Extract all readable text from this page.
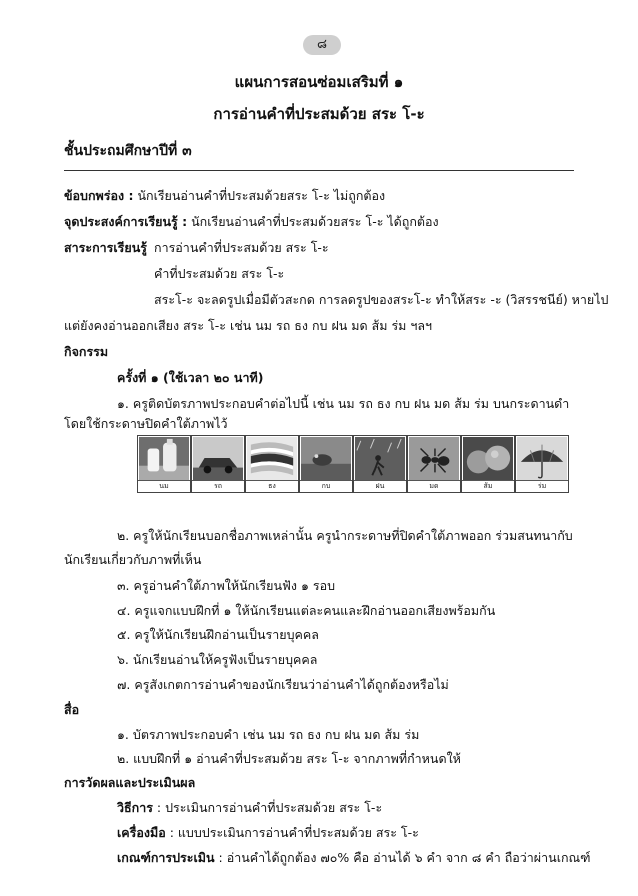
๘
แผนการสอนซ่อมเสริมที่ ๑
การอ่านคำที่ประสมด้วย สระ โ-ะ
ชั้นประถมศึกษาปีที่ ๓
ข้อบกพร่อง : นักเรียนอ่านคำที่ประสมด้วยสระ โ-ะ ไม่ถูกต้อง
จุดประสงค์การเรียนรู้ : นักเรียนอ่านคำที่ประสมด้วยสระ โ-ะ ได้ถูกต้อง
สาระการเรียนรู้ การอ่านคำที่ประสมด้วย สระ โ-ะ
คำที่ประสมด้วย สระ โ-ะ
สระโ-ะ จะลดรูปเมื่อมีตัวสะกด การลดรูปของสระโ-ะ ทำให้สระ -ะ (วิสรรชนีย์) หายไป
แต่ยังคงอ่านออกเสียง สระ โ-ะ เช่น นม รถ ธง กบ ฝน มด ส้ม ร่ม ฯลฯ
กิจกรรม
ครั้งที่ ๑ (ใช้เวลา ๒๐ นาที)
๑. ครูติดบัตรภาพประกอบคำต่อไปนี้ เช่น นม รถ ธง กบ ฝน มด ส้ม ร่ม บนกระดานดำ
โดยใช้กระดาษปิดคำใต้ภาพไว้
นม	รถ	ธง	กบ	ฝน	มด	ส้ม	ร่ม
๒. ครูให้นักเรียนบอกชื่อภาพเหล่านั้น ครูนำกระดาษที่ปิดคำใต้ภาพออก ร่วมสนทนากับ
นักเรียนเกี่ยวกับภาพที่เห็น
๓. ครูอ่านคำใต้ภาพให้นักเรียนฟัง ๑ รอบ
๔. ครูแจกแบบฝึกที่ ๑ ให้นักเรียนแต่ละคนและฝึกอ่านออกเสียงพร้อมกัน
๕. ครูให้นักเรียนฝึกอ่านเป็นรายบุคคล
๖. นักเรียนอ่านให้ครูฟังเป็นรายบุคคล
๗. ครูสังเกตการอ่านคำของนักเรียนว่าอ่านคำได้ถูกต้องหรือไม่
สื่อ
๑. บัตรภาพประกอบคำ เช่น นม รถ ธง กบ ฝน มด ส้ม ร่ม
๒. แบบฝึกที่ ๑ อ่านคำที่ประสมด้วย สระ โ-ะ จากภาพที่กำหนดให้
การวัดผลและประเมินผล
วิธีการ : ประเมินการอ่านคำที่ประสมด้วย สระ โ-ะ
เครื่องมือ : แบบประเมินการอ่านคำที่ประสมด้วย สระ โ-ะ
เกณฑ์การประเมิน : อ่านคำได้ถูกต้อง ๗๐% คือ อ่านได้ ๖ คำ จาก ๘ คำ ถือว่าผ่านเกณฑ์
